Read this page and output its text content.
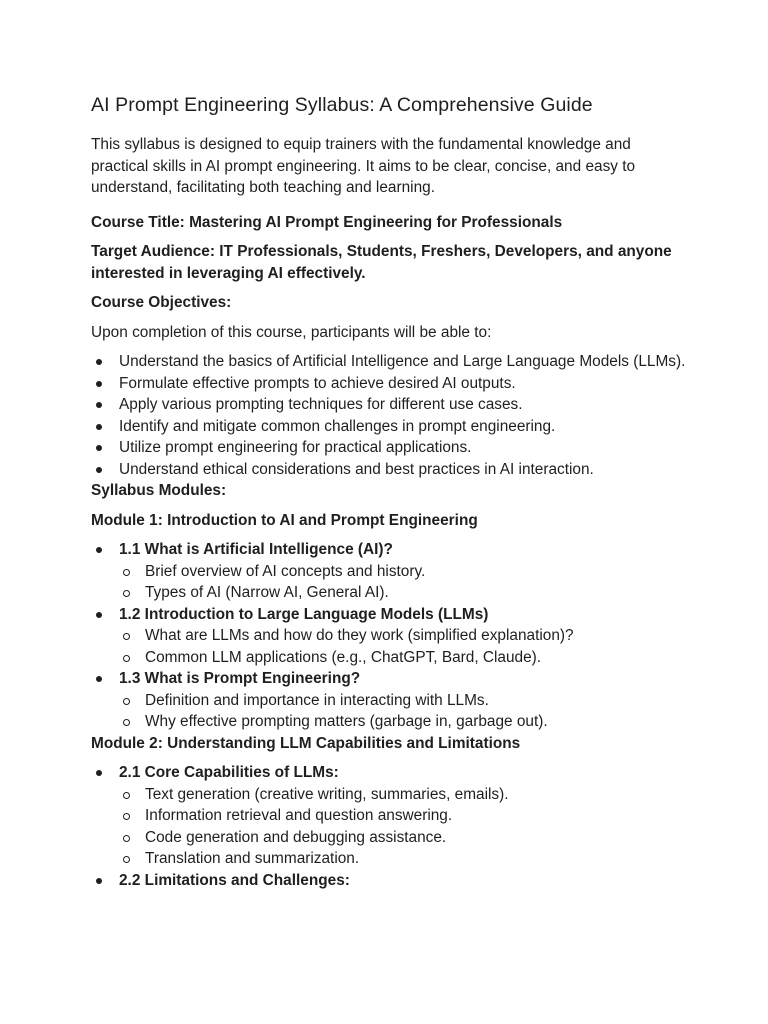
AI Prompt Engineering Syllabus: A Comprehensive Guide

This syllabus is designed to equip trainers with the fundamental knowledge and practical skills in AI prompt engineering. It aims to be clear, concise, and easy to understand, facilitating both teaching and learning.

Course Title: Mastering AI Prompt Engineering for Professionals

Target Audience: IT Professionals, Students, Freshers, Developers, and anyone interested in leveraging AI effectively.

Course Objectives:

Upon completion of this course, participants will be able to:

Understand the basics of Artificial Intelligence and Large Language Models (LLMs).
Formulate effective prompts to achieve desired AI outputs.
Apply various prompting techniques for different use cases.
Identify and mitigate common challenges in prompt engineering.
Utilize prompt engineering for practical applications.
Understand ethical considerations and best practices in AI interaction.

Syllabus Modules:

Module 1: Introduction to AI and Prompt Engineering

1.1 What is Artificial Intelligence (AI)?
Brief overview of AI concepts and history.
Types of AI (Narrow AI, General AI).
1.2 Introduction to Large Language Models (LLMs)
What are LLMs and how do they work (simplified explanation)?
Common LLM applications (e.g., ChatGPT, Bard, Claude).
1.3 What is Prompt Engineering?
Definition and importance in interacting with LLMs.
Why effective prompting matters (garbage in, garbage out).

Module 2: Understanding LLM Capabilities and Limitations

2.1 Core Capabilities of LLMs:
Text generation (creative writing, summaries, emails).
Information retrieval and question answering.
Code generation and debugging assistance.
Translation and summarization.
2.2 Limitations and Challenges:
